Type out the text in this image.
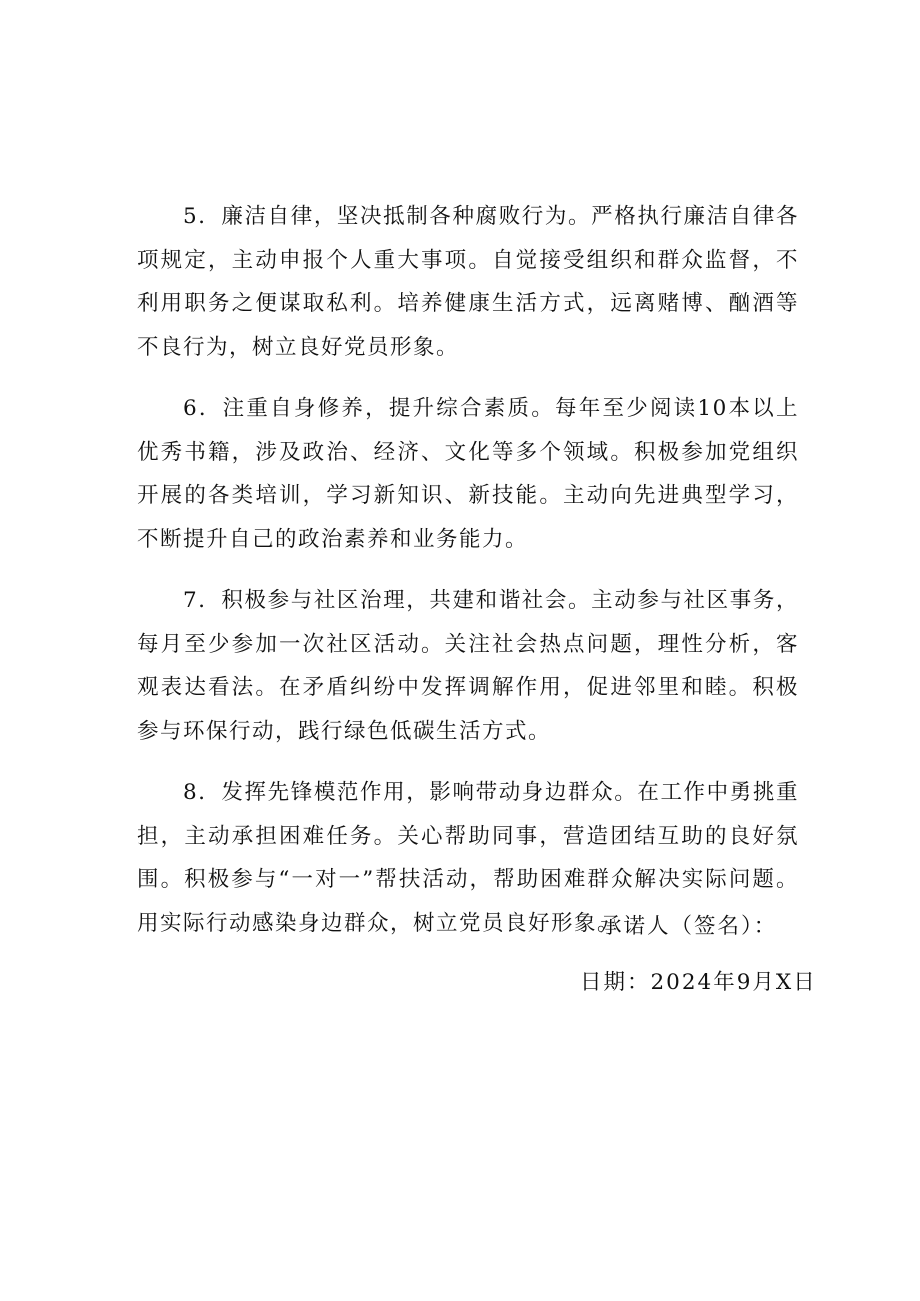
5．廉洁自律，坚决抵制各种腐败行为。严格执行廉洁自律各项规定，主动申报个人重大事项。自觉接受组织和群众监督，不利用职务之便谋取私利。培养健康生活方式，远离赌博、酗酒等不良行为，树立良好党员形象。

6．注重自身修养，提升综合素质。每年至少阅读10本以上优秀书籍，涉及政治、经济、文化等多个领域。积极参加党组织开展的各类培训，学习新知识、新技能。主动向先进典型学习，不断提升自己的政治素养和业务能力。

7．积极参与社区治理，共建和谐社会。主动参与社区事务，每月至少参加一次社区活动。关注社会热点问题，理性分析，客观表达看法。在矛盾纠纷中发挥调解作用，促进邻里和睦。积极参与环保行动，践行绿色低碳生活方式。

8．发挥先锋模范作用，影响带动身边群众。在工作中勇挑重担，主动承担困难任务。关心帮助同事，营造团结互助的良好氛围。积极参与“一对一”帮扶活动，帮助困难群众解决实际问题。用实际行动感染身边群众，树立党员良好形象。

承诺人（签名）：

日期：2024年9月X日
